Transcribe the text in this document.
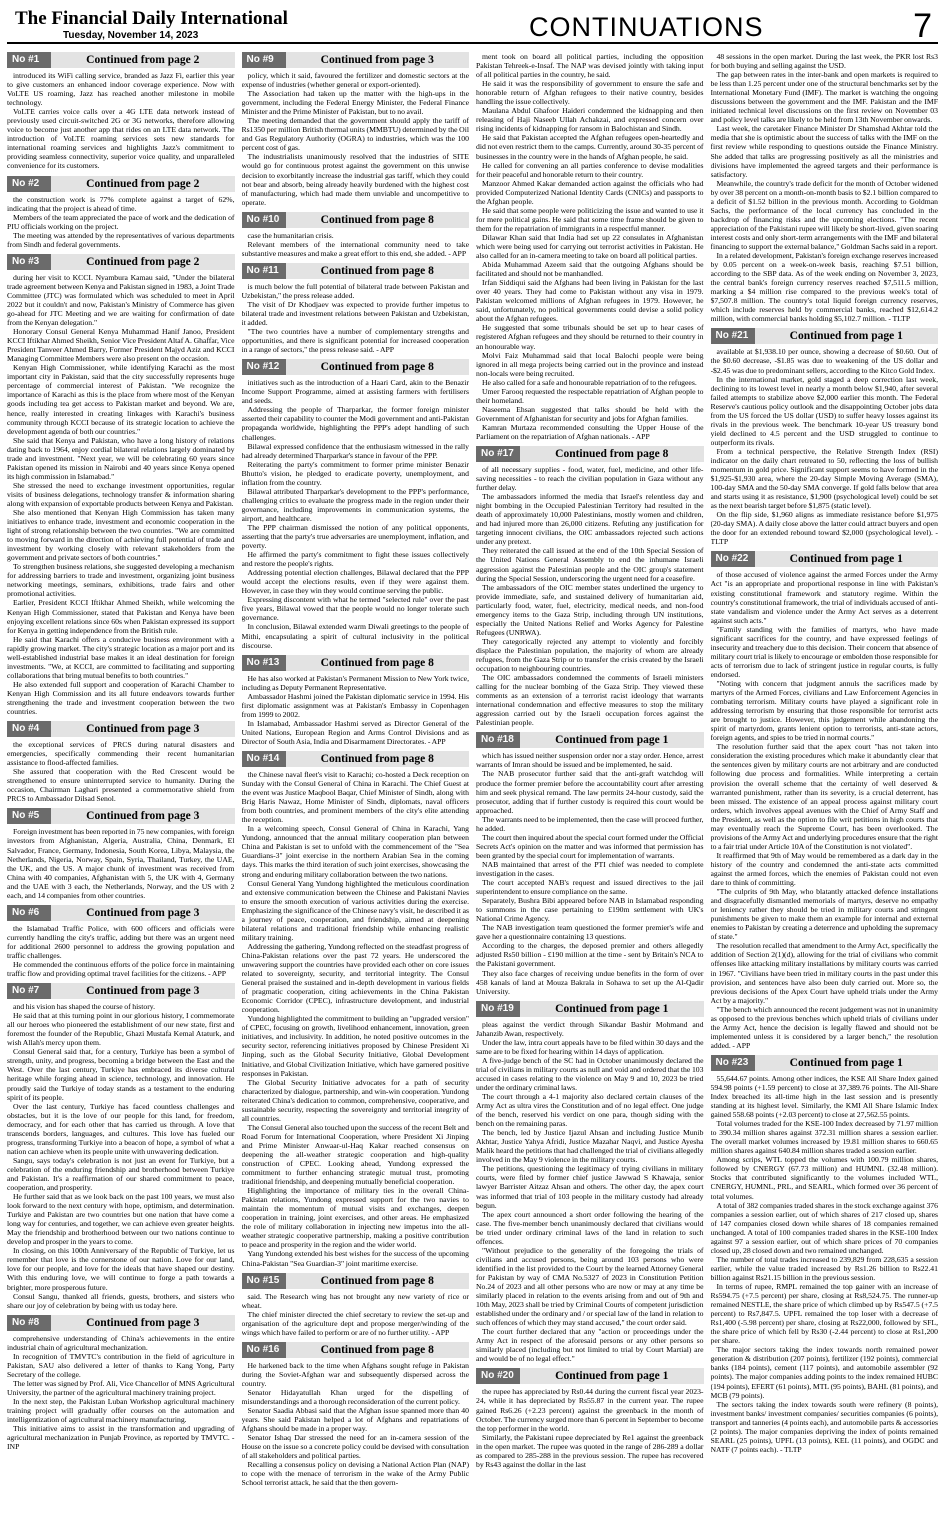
The Financial Daily International
Tuesday, November 14, 2023	CONTINUATIONS	7
No #1	Continued from page 2

introduced its WiFi calling service, branded as Jazz Fi, earlier this year to give customers an enhanced indoor coverage experience. Now with VoLTE US roaming, Jazz has reached another milestone in mobile technology.

VoLTE carries voice calls over a 4G LTE data network instead of previously used circuit-switched 2G or 3G networks, therefore allowing voice to become just another app that rides on an LTE data network. The introduction of VoLTE roaming services sets new standards for international roaming services and highlights Jazz's commitment to providing seamless connectivity, superior voice quality, and unparalleled convenience for its customers.

No #2	Continued from page 2

the construction work is 77% complete against a target of 62%, indicating that the project is ahead of time.

Members of the team appreciated the pace of work and the dedication of PIU officials working on the project.

The meeting was attended by the representatives of various departments from Sindh and federal governments.

No #3	Continued from page 2

during her visit to KCCI. Nyambura Kamau said, "Under the bilateral trade agreement between Kenya and Pakistan signed in 1983, a Joint Trade Committee (JTC) was formulated which was scheduled to meet in April 2022 but it couldn't and now, Pakistan's Ministry of Commerce has given go-ahead for JTC Meeting and we are waiting for confirmation of date from the Kenyan delegation."

Honorary Consul General Kenya Muhammad Hanif Janoo, President KCCI Iftikhar Ahmed Sheikh, Senior Vice President Altaf A. Ghaffar, Vice President Tanveer Ahmed Barry, Former President Majyd Aziz and KCCI Managing Committee Members were also present on the occasion.

Kenyan High Commissioner, while identifying Karachi as the most important city in Pakistan, said that the city successfully represents huge percentage of commercial interest of Pakistan. "We recognize the importance of Karachi as this is the place from where most of the Kenyan goods including tea get access to Pakistan market and beyond. We are, hence, really interested in creating linkages with Karachi's business community through KCCI because of its strategic location to achieve the development agenda of both our countries."

She said that Kenya and Pakistan, who have a long history of relations dating back to 1964, enjoy cordial bilateral relations largely dominated by trade and investment. "Next year, we will be celebrating 60 years since Pakistan opened its mission in Nairobi and 40 years since Kenya opened its high commission in Islamabad."

She stressed the need to exchange investment opportunities, regular visits of business delegations, technology transfer & information sharing along with expansion of exportable products between Kenya and Pakistan.

She also mentioned that Kenyan High Commission has taken many initiatives to enhance trade, investment and economic cooperation in the light of strong relationship between the two countries. "We are committed to moving forward in the direction of achieving full potential of trade and investment by working closely with relevant stakeholders from the government and private sectors of both countries."

To strengthen business relations, she suggested developing a mechanism for addressing barriers to trade and investment, organizing joint business networking meetings, seminars, exhibitions, trade fairs and other promotional activities.

Earlier, President KCCI Iftikhar Ahmed Sheikh, while welcoming the Kenyan High Commissioner, stated that Pakistan and Kenya have been enjoying excellent relations since 60s when Pakistan expressed its support for Kenya in getting independence from the British rule.

He said that Karachi offers a conducive business environment with a rapidly growing market. The city's strategic location as a major port and its well-established industrial base makes it an ideal destination for foreign investments. "We, at KCCI, are committed to facilitating and supporting collaborations that bring mutual benefits to both countries."

He also extended full support and cooperation of Karachi Chamber to Kenyan High Commission and its all future endeavors towards further strengthening the trade and investment cooperation between the two countries.

No #4	Continued from page 3

the exceptional services of PRCS during natural disasters and emergencies, specifically commending their recent humanitarian assistance to flood-affected families.

She assured that cooperation with the Red Crescent would be strengthened to ensure uninterrupted service to humanity. During the occasion, Chairman Laghari presented a commemorative shield from PRCS to Ambassador Dilsad Senol.

No #5	Continued from page 3

Foreign investment has been reported in 75 new companies, with foreign investors from Afghanistan, Algeria, Australia, China, Denmark, El Salvador, France, Germany, Indonesia, South Korea, Libya, Malaysia, the Netherlands, Nigeria, Norway, Spain, Syria, Thailand, Turkey, the UAE, the UK, and the US. A major chunk of investment was received from China with 40 companies, Afghanistan with 5, the UK with 4, Germany and the UAE with 3 each, the Netherlands, Norway, and the US with 2 each, and 14 companies from other countries.

No #6	Continued from page 3

the Islamabad Traffic Police, with 600 officers and officials were currently handling the city's traffic, adding but there was an urgent need for additional 2600 personnel to address the growing population and traffic challenges.

He commended the continuous efforts of the police force in maintaining traffic flow and providing optimal travel facilities for the citizens. - APP

No #7	Continued from page 3

and his vision has shaped the course of history.

He said that at this turning point in our glorious history, I commemorate all our heroes who pioneered the establishment of our new state, first and foremost the founder of the Republic, Ghazi Mustafa Kemal Ataturk, and wish Allah's mercy upon them.

Consul General said that, for a century, Turkiye has been a symbol of strength, unity, and progress, becoming a bridge between the East and the West. Over the last century, Turkiye has embraced its diverse cultural heritage while forging ahead in science, technology, and innovation. He proudly said the Turkiye of today stands as a testament to the enduring spirit of its people.

Over the last century, Turkiye has faced countless challenges and obstacles, but it is the love of our people for this land, for freedom, democracy, and for each other that has carried us through. A love that transcends borders, languages, and cultures. This love has fueled our progress, transforming Turkiye into a beacon of hope, a symbol of what a nation can achieve when its people unite with unwavering dedication.

Sangu, says today's celebration is not just an event for Turkiye, but a celebration of the enduring friendship and brotherhood between Turkiye and Pakistan. It's a reaffirmation of our shared commitment to peace, cooperation, and prosperity.

He further said that as we look back on the past 100 years, we must also look forward to the next century with hope, optimism, and determination. Turkiye and Pakistan are two countries but one nation that have come a long way for centuries, and together, we can achieve even greater heights. May the friendship and brotherhood between our two nations continue to develop and prosper in the years to come.

In closing, on this 100th Anniversary of the Republic of Turkiye, let us remember that love is the cornerstone of our nation. Love for our land, love for our people, and love for the ideals that have shaped our destiny. With this enduring love, we will continue to forge a path towards a brighter, more prosperous future.

Consul Sangu, thanked all friends, guests, brothers, and sisters who share our joy of celebration by being with us today here.

No #8	Continued from page 3

comprehensive understanding of China's achievements in the entire industrial chain of agricultural mechanization.

In recognition of TMVTC's contribution in the field of agriculture in Pakistan, SAU also delivered a letter of thanks to Kang Yong, Party Secretary of the college.

The letter was signed by Prof. Ali, Vice Chancellor of MNS Agricultural University, the partner of the agricultural machinery training project.

In the next step, the Pakistan Luban Workshop agricultural machinery training project will gradually offer courses on the automation and intelligentization of agricultural machinery manufacturing.

This initiative aims to assist in the transformation and upgrading of agricultural mechanization in Punjab Province, as reported by TMVTC. - INP

No #9	Continued from page 3

policy, which it said, favoured the fertilizer and domestic sectors at the expense of industries (whether general or export-oriented).

The Association had taken up the matter with the high-ups in the government, including the Federal Energy Minister, the Federal Finance Minister and the Prime Minister of Pakistan, but to no avail.

The meeting demanded that the government should apply the tariff of Rs1350 per million British thermal units (MMBTU) determined by the Oil and Gas Regulatory Authority (OGRA) to industries, which was the 100 percent cost of gas.

The industrialists unanimously resolved that the industries of SITE would go for continuous protest against the government on this unwise decision to exorbitantly increase the industrial gas tariff, which they could not bear and absorb, being already heavily burdened with the highest cost of manufacturing, which had made them unviable and uncompetitive to operate.

No #10	Continued from page 8

case the humanitarian crisis.

Relevant members of the international community need to take substantive measures and make a great effort to this end, she added. - APP

No #11	Continued from page 8

is much below the full potential of bilateral trade between Pakistan and Uzbekistan," the press release added.

The visit of Dr Khodjaev was expected to provide further impetus to bilateral trade and investment relations between Pakistan and Uzbekistan, it added.

"The two countries have a number of complementary strengths and opportunities, and there is significant potential for increased cooperation in a range of sectors," the press release said. - APP

No #12	Continued from page 8

initiatives such as the introduction of a Haari Card, akin to the Benazir Income Support Programme, aimed at assisting farmers with fertilisers and seeds.

Addressing the people of Tharparkar, the former foreign minister asserted their capability to counter the Modi government and anti-Pakistan propaganda worldwide, highlighting the PPP's adept handling of such challenges.

Bilawal expressed confidence that the enthusiasm witnessed in the rally had already determined Tharparkar's stance in favour of the PPP.

Reiterating the party's commitment to former prime minister Benazir Bhutto's vision, he pledged to eradicate poverty, unemployment, and inflation from the country.

Bilawal attributed Tharparkar's development to the PPP's performance, challenging critics to evaluate the progress made in the region under their governance, including improvements in communication systems, the airport, and healthcare.

The PPP chairman dismissed the notion of any political opponents, asserting that the party's true adversaries are unemployment, inflation, and poverty.

He affirmed the party's commitment to fight these issues collectively and restore the people's rights.

Addressing potential election challenges, Bilawal declared that the PPP would accept the elections results, even if they were against them. However, in case they win they would continue serving the public.

Expressing discontent with what he termed "selected rule" over the past five years, Bilawal vowed that the people would no longer tolerate such governance.

In conclusion, Bilawal extended warm Diwali greetings to the people of Mithi, encapsulating a spirit of cultural inclusivity in the political discourse.

No #13	Continued from page 8

He has also worked at Pakistan's Permanent Mission to New York twice, including as Deputy Permanent Representative.

Ambassador Hashmi joined the Pakistan diplomatic service in 1994. His first diplomatic assignment was at Pakistan's Embassy in Copenhagen from 1999 to 2002.

In Islamabad, Ambassador Hashmi served as Director General of the United Nations, European Region and Arms Control Divisions and as Director of South Asia, India and Disarmament Directorates. - APP

No #14	Continued from page 8

the Chinese naval fleet's visit to Karachi; co-hosted a Deck reception on Sunday with the Consul General of China in Karachi. The Chief Guest at the event was Justice Maqbool Baqar, Chief Minister of Sindh, along with Brig Haris Nawaz, Home Minister of Sindh, diplomats, naval officers from both countries, and prominent members of the city's elite attending the reception.

In a welcoming speech, Consul General of China in Karachi, Yang Yundong, announced that the annual military cooperation plan between China and Pakistan is set to unfold with the commencement of the "Sea Guardians-3" joint exercise in the northern Arabian Sea in the coming days. This marks the third iteration of such joint exercises, showcasing the strong and enduring military collaboration between the two nations.

Consul General Yang Yundong highlighted the meticulous coordination and extensive communication between the Chinese and Pakistani Navies to ensure the smooth execution of various activities during the exercise. Emphasizing the significance of the Chinese navy's visit, he described it as a journey of peace, cooperation, and friendship, aimed at deepening bilateral relations and traditional friendship while enhancing realistic military training.

Addressing the gathering, Yundong reflected on the steadfast progress of China-Pakistan relations over the past 72 years. He underscored the unwavering support the countries have provided each other on core issues related to sovereignty, security, and territorial integrity. The Consul General praised the sustained and in-depth development in various fields of pragmatic cooperation, citing achievements in the China Pakistan Economic Corridor (CPEC), infrastructure development, and industrial cooperation.

Yundong highlighted the commitment to building an "upgraded version" of CPEC, focusing on growth, livelihood enhancement, innovation, green initiatives, and inclusivity. In addition, he noted positive outcomes in the security sector, referencing initiatives proposed by Chinese President Xi Jinping, such as the Global Security Initiative, Global Development Initiative, and Global Civilization Initiative, which have garnered positive responses in Pakistan.

The Global Security Initiative advocates for a path of security characterized by dialogue, partnership, and win-win cooperation. Yundong reiterated China's dedication to common, comprehensive, cooperative, and sustainable security, respecting the sovereignty and territorial integrity of all countries.

The Consul General also touched upon the success of the recent Belt and Road Forum for International Cooperation, where President Xi Jinping and Prime Minister Anwaar-ul-Haq Kakar reached consensus on deepening the all-weather strategic cooperation and high-quality construction of CPEC. Looking ahead, Yundong expressed the commitment to further enhancing strategic mutual trust, promoting traditional friendship, and deepening mutually beneficial cooperation.

Highlighting the importance of military ties in the overall China-Pakistan relations, Yundong expressed support for the two navies to maintain the momentum of mutual visits and exchanges, deepen cooperation in training, joint exercises, and other areas. He emphasized the role of military collaboration in injecting new impetus into the all-weather strategic cooperative partnership, making a positive contribution to peace and prosperity in the region and the wider world.

Yang Yundong extended his best wishes for the success of the upcoming China-Pakistan "Sea Guardian-3" joint maritime exercise.

No #15	Continued from page 8

said. The Research wing has not brought any new variety of rice or wheat.

The chief minister directed the chief secretary to review the set-up and organisation of the agriculture dept and propose merger/winding of the wings which have failed to perform or are of no further utility. - APP

No #16	Continued from page 8

He harkened back to the time when Afghans sought refuge in Pakistan during the Soviet-Afghan war and subsequently dispersed across the country.

Senator Hidayatullah Khan urged for the dispelling of misunderstandings and a thorough reconsideration of the current policy.

Senator Saadia Abbasi said that the Afghan issue spanned more than 40 years. She said Pakistan helped a lot of Afghans and repatriations of Afghans should be made in a proper way.

Senator Ishaq Dar stressed the need for an in-camera session of the House on the issue so a concrete policy could be devised with consultation of all stakeholders and political parties.

Recalling a consensus policy on devising a National Action Plan (NAP) to cope with the menace of terrorism in the wake of the Army Public School terrorist attack, he said that the then govern-

ment took on board all political parties, including the opposition Pakistan Tehreek-e-Insaf. The NAP was devised jointly with taking input of all political parties in the country, he said.

He said it was the responsibility of government to ensure the safe and honorable return of Afghan refugees to their native country, besides handling the issue collectively.

Maulana Abdul Ghafoor Haideri condemned the kidnapping and then releasing of Haji Naseeb Ullah Achakzai, and expressed concern over rising incidents of kidnapping for ransom in Balochistan and Sindh.

He said that Pakistan accepted the Afghan refugees open-heartedly and did not even restrict them to the camps. Currently, around 30-35 percent of businesses in the country were in the hands of Afghan people, he said.

He called for convening an all parties conference to devise modalities for their peaceful and honorable return to their country.

Manzoor Ahmed Kakar demanded action against the officials who had provided Computerized National Identity Cards (CNICs) and passports to the Afghan people.

He said that some people were politicizing the issue and wanted to use it for mere political gains. He said that some time frame should be given to them for the repatriation of immigrants in a respectful manner.

Dilawar Khan said that India had set up 22 consulates in Afghanistan which were being used for carrying out terrorist activities in Pakistan. He also called for an in-camera meeting to take on board all political parties.

Abida Muhammad Azeem said that the outgoing Afghans should be facilitated and should not be manhandled.

Irfan Siddiqui said the Afghans had been living in Pakistan for the last over 40 years. They had come to Pakistan without any visa in 1979. Pakistan welcomed millions of Afghan refugees in 1979. However, he said, unfortunately, no political governments could devise a solid policy about the Afghan refugees.

He suggested that some tribunals should be set up to hear cases of registered Afghan refugees and they should be returned to their country in an honourable way.

Molvi Faiz Muhammad said that local Balochi people were being ignored in all mega projects being carried out in the province and instead non-locals were being recruited.

He also called for a safe and honourable repatriation of to the refugees.

Umer Farooq requested the respectable repatriation of Afghan people to their homeland.

Naseema Ehsan suggested that talks should be held with the Government of Afghanistan for security and jobs for Afghan families.

Kamran Murtaza recommended consulting the Upper House of the Parliament on the repatriation of Afghan nationals. - APP

No #17	Continued from page 8

of all necessary supplies - food, water, fuel, medicine, and other life-saving necessities - to reach the civilian population in Gaza without any further delay.

The ambassadors informed the media that Israel's relentless day and night bombing in the Occupied Palestinian Territory had resulted in the death of approximately 10,000 Palestinians, mostly women and children, and had injured more than 26,000 citizens. Refuting any justification for targeting innocent civilians, the OIC ambassadors rejected such actions under any pretext.

They reiterated the call issued at the end of the 10th Special Session of the United Nations General Assembly to end the inhumane Israeli aggression against the Palestinian people and the OIC group's statement during the Special Session, underscoring the urgent need for a ceasefire.

The ambassadors of the OIC member states underlined the urgency to provide immediate, safe, and sustained delivery of humanitarian aid, particularly food, water, fuel, electricity, medical needs, and non-food emergency items to the Gaza Strip, including through UN institutions, especially the United Nations Relief and Works Agency for Palestine Refugees (UNRWA).

They categorically rejected any attempt to violently and forcibly displace the Palestinian population, the majority of whom are already refugees, from the Gaza Strip or to transfer the crisis created by the Israeli occupation to neighbouring countries.

The OIC ambassadors condemned the comments of Israeli ministers calling for the nuclear bombing of the Gaza Strip. They viewed these comments as an extension of a terrorist racist ideology that warrants international condemnation and effective measures to stop the military aggression carried out by the Israeli occupation forces against the Palestinian people.

No #18	Continued from page 1

which has issued neither suspension order nor a stay order. Hence, arrest warrants of Imran should be issued and be implemented, he said.

The NAB prosecutor further said that the anti-graft watchdog will produce the former premier before the accountability court after arresting him and seek physical remand. The law permits 24-hour custody, said the prosecutor, adding that if further custody is required this court would be approached.

The warrants need to be implemented, then the case will proceed further, he added.

The court then inquired about the special court formed under the Official Secrets Act's opinion on the matter and was informed that permission has been granted by the special court for implementation of warrants.

NAB maintained that arrest of the PTI chief was needed to complete investigation in the cases.

The court accepted NAB's request and issued directives to the jail superintendent to ensure compliance on the same.

Separately, Bushra Bibi appeared before NAB in Islamabad responding to summons in the case pertaining to £190m settlement with UK's National Crime Agency.

The NAB investigation team questioned the former premier's wife and gave her a questionnaire containing 13 questions.

According to the charges, the deposed premier and others allegedly adjusted Rs50 billion - £190 million at the time - sent by Britain's NCA to the Pakistani government.

They also face charges of receiving undue benefits in the form of over 458 kanals of land at Mouza Bakrala in Sohawa to set up the Al-Qadir University.

No #19	Continued from page 1

pleas against the verdict through Sikandar Bashir Mohmand and Jahanzib Awan, respectively.

Under the law, intra court appeals have to be filed within 30 days and the same are to be fixed for hearing within 14 days of application.

A five-judge bench of the SC had in October unanimously declared the trial of civilians in military courts as null and void and ordered that the 103 accused in cases relating to the violence on May 9 and 10, 2023 be tried under the ordinary criminal laws.

The court through a 4-1 majority also declared certain clauses of the Army Act as ultra vires the Constitution and of no legal effect. One judge of the bench, reserved his verdict on one para, though siding with the bench on the remaining paras.

The bench, led by Justice Ijazul Ahsan and including Justice Munib Akhtar, Justice Yahya Afridi, Justice Mazahar Naqvi, and Justice Ayesha Malik heard the petitions that had challenged the trial of civilians allegedly involved in the May 9 violence in the military courts.

The petitions, questioning the legitimacy of trying civilians in military courts, were filed by former chief justice Jawwad S Khawaja, senior lawyer Barrister Aitzaz Ahsan and others. The other day, the apex court was informed that trial of 103 people in the military custody had already begun.

The apex court announced a short order following the hearing of the case. The five-member bench unanimously declared that civilians would be tried under ordinary criminal laws of the land in relation to such offences.

"Without prejudice to the generality of the foregoing the trials of civilians and accused persons, being around 103 persons who were identified in the list provided to the Court by the learned Attorney General for Pakistan by way of CMA No.5327 of 2023 in Constitution Petition No.24 of 2023 and all other persons who are now or may at any time be similarly placed in relation to the events arising from and out of 9th and 10th May, 2023 shall be tried by Criminal Courts of competent jurisdiction established under the ordinary and / or special law of the land in relation to such offences of which they may stand accused," the court order said.

The court further declared that any "action or proceedings under the Army Act in respect of the aforesaid persons or any other persons so similarly placed (including but not limited to trial by Court Martial) are and would be of no legal effect."

No #20	Continued from page 1

the rupee has appreciated by Rs0.44 during the current fiscal year 2023-24, while it has depreciated by Rs55.87 in the current year. The rupee gained Rs6.26 (+2.23 percent) against the greenback in the month of October. The currency surged more than 6 percent in September to become the top performer in the world.

Similarly, the Pakistani rupee depreciated by Re1 against the greenback in the open market. The rupee was quoted in the range of 286-289 a dollar as compared to 285-288 in the previous session. The rupee has recovered by Rs43 against the dollar in the last

48 sessions in the open market. During the last week, the PKR lost Rs3 for both buying and selling against the USD.

The gap between rates in the inter-bank and open markets is required to be less than 1.25 percent under one of the structural benchmarks set by the International Monetary Fund (IMF). The market is watching the ongoing discussions between the government and the IMF. Pakistan and the IMF initiated technical level discussions on the first review on November 03 and policy level talks are likely to be held from 13th November onwards.

Last week, the caretaker Finance Minister Dr Shamshad Akhtar told the media that she is optimistic about the success of talks with the IMF on the first review while responding to questions outside the Finance Ministry. She added that talks are progressing positively as all the ministries and divisions have implemented the agreed targets and their performance is satisfactory.

Meanwhile, the country's trade deficit for the month of October widened by over 38 percent on a month-on-month basis to $2.1 billion compared to a deficit of $1.52 billion in the previous month. According to Goldman Sachs, the performance of the local currency has concluded in the backdrop of financing risks and the upcoming elections. "The recent appreciation of the Pakistani rupee will likely be short-lived, given soaring interest costs and only short-term arrangements with the IMF and bilateral financing to support the external balance," Goldman Sachs said in a report.

In a related development, Pakistan's foreign exchange reserves increased by 0.05 percent on a week-on-week basis, reaching $7.51 billion, according to the SBP data. As of the week ending on November 3, 2023, the central bank's foreign currency reserves reached $7,511.5 million, marking a $4 million rise compared to the previous week's total of $7,507.8 million. The country's total liquid foreign currency reserves, which include reserves held by commercial banks, reached $12,614.2 million, with commercial banks holding $5,102.7 million. - TLTP

No #21	Continued from page 1

available at $1,938.10 per ounce, showing a decrease of $0.60. Out of the $0.60 decrease, -$1.85 was due to weakening of the US dollar and -$2.45 was due to predominant sellers, according to the Kitco Gold Index.

In the international market, gold staged a deep correction last week, declining to its lowest level in nearly a month below $1,940, after several failed attempts to stabilize above $2,000 earlier this month. The Federal Reserve's cautious policy outlook and the disappointing October jobs data from the US forced the US dollar (USD) to suffer heavy losses against its rivals in the previous week. The benchmark 10-year US treasury bond yield declined to 4.5 percent and the USD struggled to continue to outperform its rivals.

From a technical perspective, the Relative Strength Index (RSI) indicator on the daily chart retreated to 50, reflecting the loss of bullish momentum in gold price. Significant support seems to have formed in the $1,925-$1,930 area, where the 20-day Simple Moving Average (SMA), 100-day SMA and the 50-day SMA converge. If gold falls below that area and starts using it as resistance, $1,900 (psychological level) could be set as the next bearish target before $1,875 (static level).

On the flip side, $1,960 aligns as immediate resistance before $1,975 (20-day SMA). A daily close above the latter could attract buyers and open the door for an extended rebound toward $2,000 (psychological level). - TLTP

No #22	Continued from page 1

of those accused of violence against the armed Forces under the Army Act "is an appropriate and proportional response in line with Pakistan's existing constitutional framework and statutory regime. Within the country's constitutional framework, the trial of individuals accused of anti-state vandalism and violence under the Army Act serves as a deterrent against such acts."

"Family standing with the families of martyrs, who have made significant sacrifices for the country, and have expressed feelings of insecurity and treachery due to this decision. Their concern that absence of military court trial is likely to encourage or embolden those responsible for acts of terrorism due to lack of stringent justice in regular courts, is fully endorsed.

"Noting with concern that judgment annuls the sacrifices made by martyrs of the Armed Forces, civilians and Law Enforcement Agencies in combating terrorism. Military courts have played a significant role in addressing terrorism by ensuring that those responsible for terrorist acts are brought to justice. However, this judgement while abandoning the spirit of martyrdom, grants lenient option to terrorists, anti-state actors, foreign agents, and spies to be tried in normal courts."

The resolution further said that the apex court "has not taken into consideration the existing procedures which make it abundantly clear that the sentences given by military courts are not arbitrary and are conducted following due process and formalities. While interpreting a certain provision the overall scheme that the certainty of well deserved & warranted punishment, rather than its severity, is a crucial deterrent, has been missed. The existence of an appeal process against military court orders, which involves appeal avenues with the Chief of Army Staff and the President, as well as the option to file writ petitions in high courts that may eventually reach the Supreme Court, has been overlooked. The provisions of the Army Act and underlying procedures ensure that the right to a fair trial under Article 10A of the Constitution is not violated".

It reaffirmed that 9th of May would be remembered as a dark day in the history of the country and condemned the anti-state acts committed against the armed forces, which the enemies of Pakistan could not even dare to think of committing.

"The culprits of 9th May, who blatantly attacked defence installations and disgracefully dismantled memorials of martyrs, deserve no empathy or leniency rather they should be tried in military courts and stringent punishments be given to make them an example for internal and external enemies to Pakistan by creating a deterrence and upholding the supremacy of state."

The resolution recalled that amendment to the Army Act, specifically the addition of Section 2(1)(d), allowing for the trial of civilians who commit offenses like attacking military installations by military courts was carried in 1967. "Civilians have been tried in military courts in the past under this provision, and sentences have also been duly carried out. More so, the previous decisions of the Apex Court have upheld trials under the Army Act by a majority."

"The bench which announced the recent judgement was not in unanimity as opposed to the previous benches which upheld trials of civilians under the Army Act, hence the decision is legally flawed and should not be implemented unless it is considered by a larger bench," the resolution added. - APP

No #23	Continued from page 1

55,644.67 points. Among other indices, the KSE All Share Index gained 594.98 points (+1.59 percent) to close at 37,389.76 points. The All-Share Index breached its all-time high in the last session and is presently standing at its highest level. Similarly, the KMI All Share Islamic Index gained 558.68 points (+2.03 percent) to close at 27,562.55 points.

Total volumes traded for the KSE-100 Index decreased by 71.97 million to 390.34 million shares against 372.31 million shares a session earlier. The overall market volumes increased by 19.81 million shares to 660.65 million shares against 640.84 million shares traded a session earlier.

Among scrips, WTL topped the volumes with 100.79 million shares, followed by CNERGY (67.73 million) and HUMNL (32.48 million). Stocks that contributed significantly to the volumes included WTL, CNERGY, HUMNL, PRL, and SEARL, which formed over 36 percent of total volumes.

A total of 382 companies traded shares in the stock exchange against 376 companies a session earlier, out of which shares of 217 closed up, shares of 147 companies closed down while shares of 18 companies remained unchanged. A total of 100 companies traded shares in the KSE-100 Index against 97 a session earlier, out of which share prices of 70 companies closed up, 28 closed down and two remained unchanged.

The number of total trades increased to 239,829 from 228,635 a session earlier, while the value traded increased by Rs1.26 billion to Rs22.41 billion against Rs21.15 billion in the previous session.

In terms of rupee, RMPL remained the top gainer with an increase of Rs594.75 (+7.5 percent) per share, closing at Rs8,524.75. The runner-up remained NESTLE, the share price of which climbed up by Rs547.5 (+7.5 percent) to Rs7,847.5. UPFL remained the top loser with a decrease of Rs1,400 (-5.98 percent) per share, closing at Rs22,000, followed by SFL, the share price of which fell by Rs30 (-2.44 percent) to close at Rs1,200 per share.

The major sectors taking the index towards north remained power generation & distribution (207 points), fertilizer (192 points), commercial banks (184 points), cement (117 points), and automobile assembler (92 points). The major companies adding points to the index remained HUBC (194 points), EFERT (61 points), MTL (95 points), BAHL (81 points), and MCB (79 points).

The sectors taking the index towards south were refinery (8 points), investment banks/ investment companies/ securities companies (6 points), transport and tanneries (4 points each), and automobile parts & accessories (2 points). The major companies depriving the index of points remained SEARL (25 points), UPFL (13 points), KEL (11 points), and OGDC and NATF (7 points each). - TLTP
